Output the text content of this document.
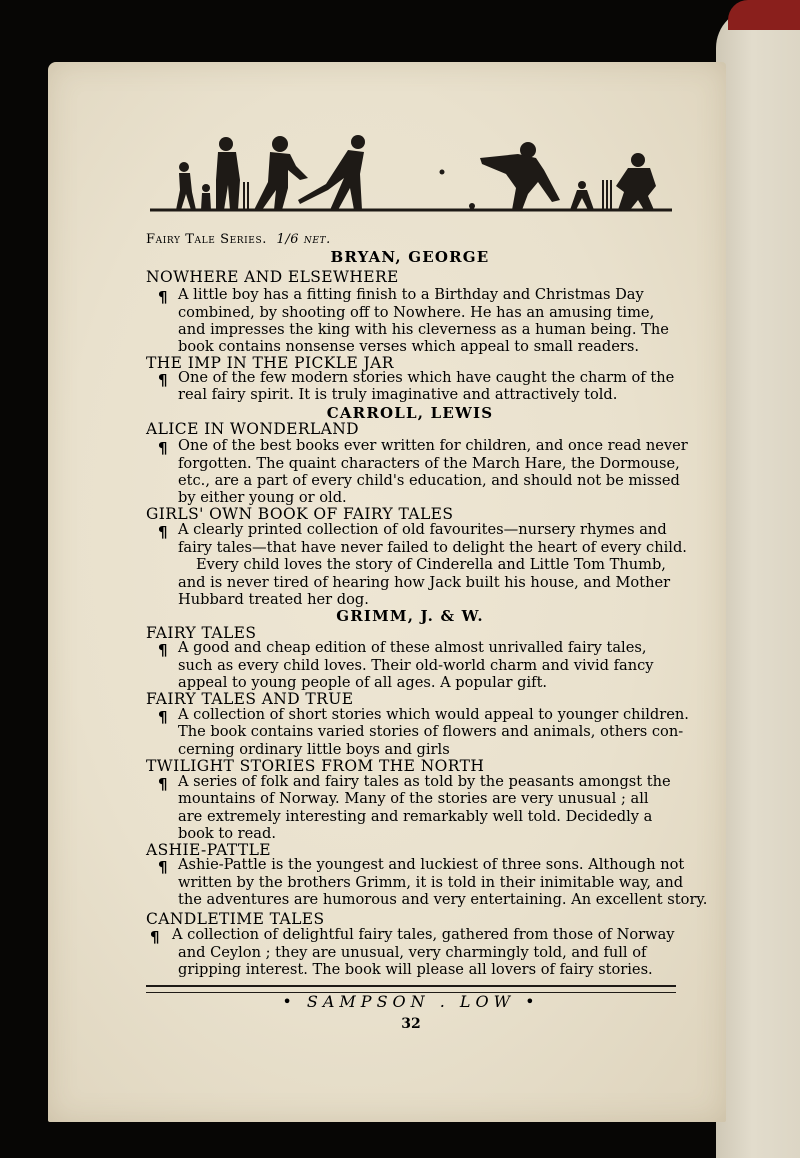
Fairy Tale Series. 1/6 net.
BRYAN, GEORGE
NOWHERE AND ELSEWHERE
¶ A little boy has a fitting finish to a Birthday and Christmas Day
combined, by shooting off to Nowhere. He has an amusing time,
and impresses the king with his cleverness as a human being. The
book contains nonsense verses which appeal to small readers.
THE IMP IN THE PICKLE JAR
¶ One of the few modern stories which have caught the charm of the
real fairy spirit. It is truly imaginative and attractively told.
CARROLL, LEWIS
ALICE IN WONDERLAND
¶ One of the best books ever written for children, and once read never
forgotten. The quaint characters of the March Hare, the Dormouse,
etc., are a part of every child's education, and should not be missed
by either young or old.
GIRLS' OWN BOOK OF FAIRY TALES
¶ A clearly printed collection of old favourites—nursery rhymes and
fairy tales—that have never failed to delight the heart of every child.
Every child loves the story of Cinderella and Little Tom Thumb,
and is never tired of hearing how Jack built his house, and Mother
Hubbard treated her dog.
GRIMM, J. & W.
FAIRY TALES
¶ A good and cheap edition of these almost unrivalled fairy tales,
such as every child loves. Their old-world charm and vivid fancy
appeal to young people of all ages. A popular gift.
FAIRY TALES AND TRUE
¶ A collection of short stories which would appeal to younger children.
The book contains varied stories of flowers and animals, others con-
cerning ordinary little boys and girls
TWILIGHT STORIES FROM THE NORTH
¶ A series of folk and fairy tales as told by the peasants amongst the
mountains of Norway. Many of the stories are very unusual ; all
are extremely interesting and remarkably well told. Decidedly a
book to read.
ASHIE-PATTLE
¶ Ashie-Pattle is the youngest and luckiest of three sons. Although not
written by the brothers Grimm, it is told in their inimitable way, and
the adventures are humorous and very entertaining. An excellent story.
CANDLETIME TALES
¶ A collection of delightful fairy tales, gathered from those of Norway
and Ceylon ; they are unusual, very charmingly told, and full of
gripping interest. The book will please all lovers of fairy stories.
• SAMPSON . LOW •
32
